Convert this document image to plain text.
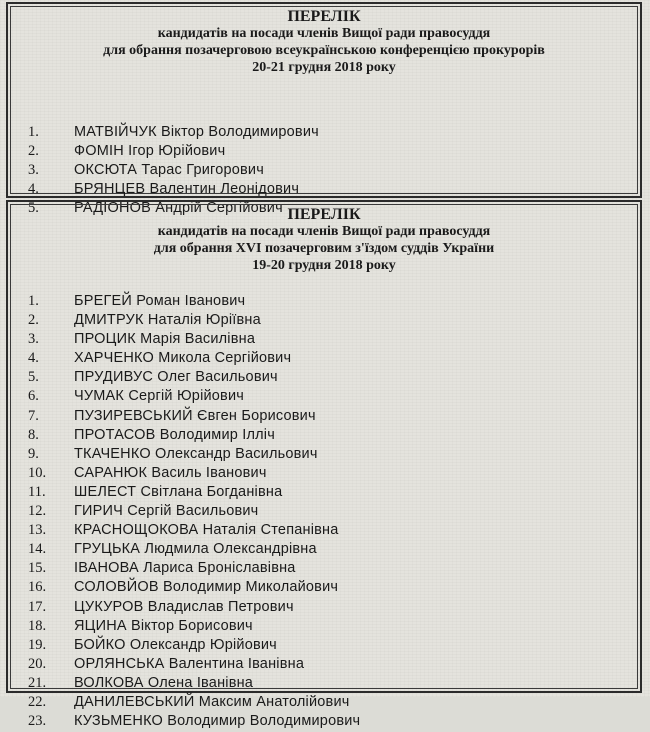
ПЕРЕЛІК
кандидатів на посади членів Вищої ради правосуддя
для обрання позачерговою всеукраїнською конференцією прокурорів
20-21 грудня 2018 року
1.	МАТВІЙЧУК Віктор Володимирович
2.	ФОМІН Ігор Юрійович
3.	ОКСЮТА Тарас Григорович
4.	БРЯНЦЕВ Валентин Леонідович
5.	РАДІОНОВ Андрій Сергійович ПЕРЕЛІК
кандидатів на посади членів Вищої ради правосуддя
для обрання XVI позачерговим з'їздом суддів України
19-20 грудня 2018 року
1.	БРЕГЕЙ Роман Іванович
2.	ДМИТРУК Наталія Юріївна
3.	ПРОЦИК Марія Василівна
4.	ХАРЧЕНКО Микола Сергійович
5.	ПРУДИВУС Олег Васильович
6.	ЧУМАК Сергій Юрійович
7.	ПУЗИРЕВСЬКИЙ Євген Борисович
8.	ПРОТАСОВ Володимир Ілліч
9.	ТКАЧЕНКО Олександр Васильович
10.	САРАНЮК Василь Іванович
11.	ШЕЛЕСТ Світлана Богданівна
12.	ГИРИЧ Сергій Васильович
13.	КРАСНОЩОКОВА Наталія Степанівна
14.	ГРУЦЬКА Людмила Олександрівна
15.	ІВАНОВА Лариса Броніславівна
16.	СОЛОВЙОВ Володимир Миколайович
17.	ЦУКУРОВ Владислав Петрович
18.	ЯЦИНА Віктор Борисович
19.	БОЙКО Олександр Юрійович
20.	ОРЛЯНСЬКА Валентина Іванівна
21.	ВОЛКОВА Олена Іванівна
22.	ДАНИЛЕВСЬКИЙ Максим Анатолійович
23.	КУЗЬМЕНКО Володимир Володимирович
